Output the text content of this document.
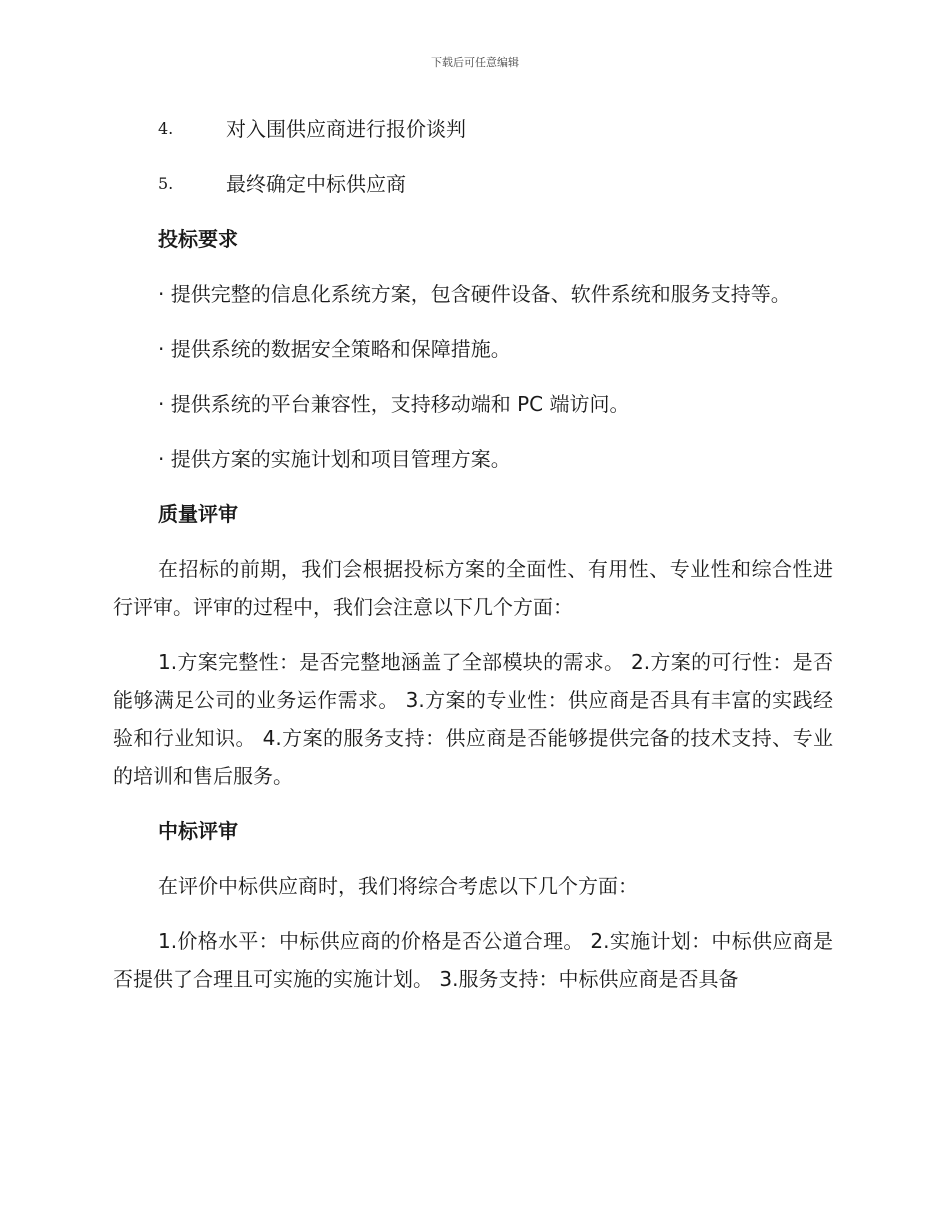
下载后可任意编辑
4.	对入围供应商进行报价谈判
5.	最终确定中标供应商
投标要求
· 提供完整的信息化系统方案，包含硬件设备、软件系统和服务支持等。
· 提供系统的数据安全策略和保障措施。
· 提供系统的平台兼容性，支持移动端和 PC 端访问。
· 提供方案的实施计划和项目管理方案。
质量评审
在招标的前期，我们会根据投标方案的全面性、有用性、专业性和综合性进行评审。评审的过程中，我们会注意以下几个方面：
1.方案完整性：是否完整地涵盖了全部模块的需求。 2.方案的可行性：是否能够满足公司的业务运作需求。 3.方案的专业性：供应商是否具有丰富的实践经验和行业知识。 4.方案的服务支持：供应商是否能够提供完备的技术支持、专业的培训和售后服务。
中标评审
在评价中标供应商时，我们将综合考虑以下几个方面：
1.价格水平：中标供应商的价格是否公道合理。 2.实施计划：中标供应商是否提供了合理且可实施的实施计划。 3.服务支持：中标供应商是否具备
